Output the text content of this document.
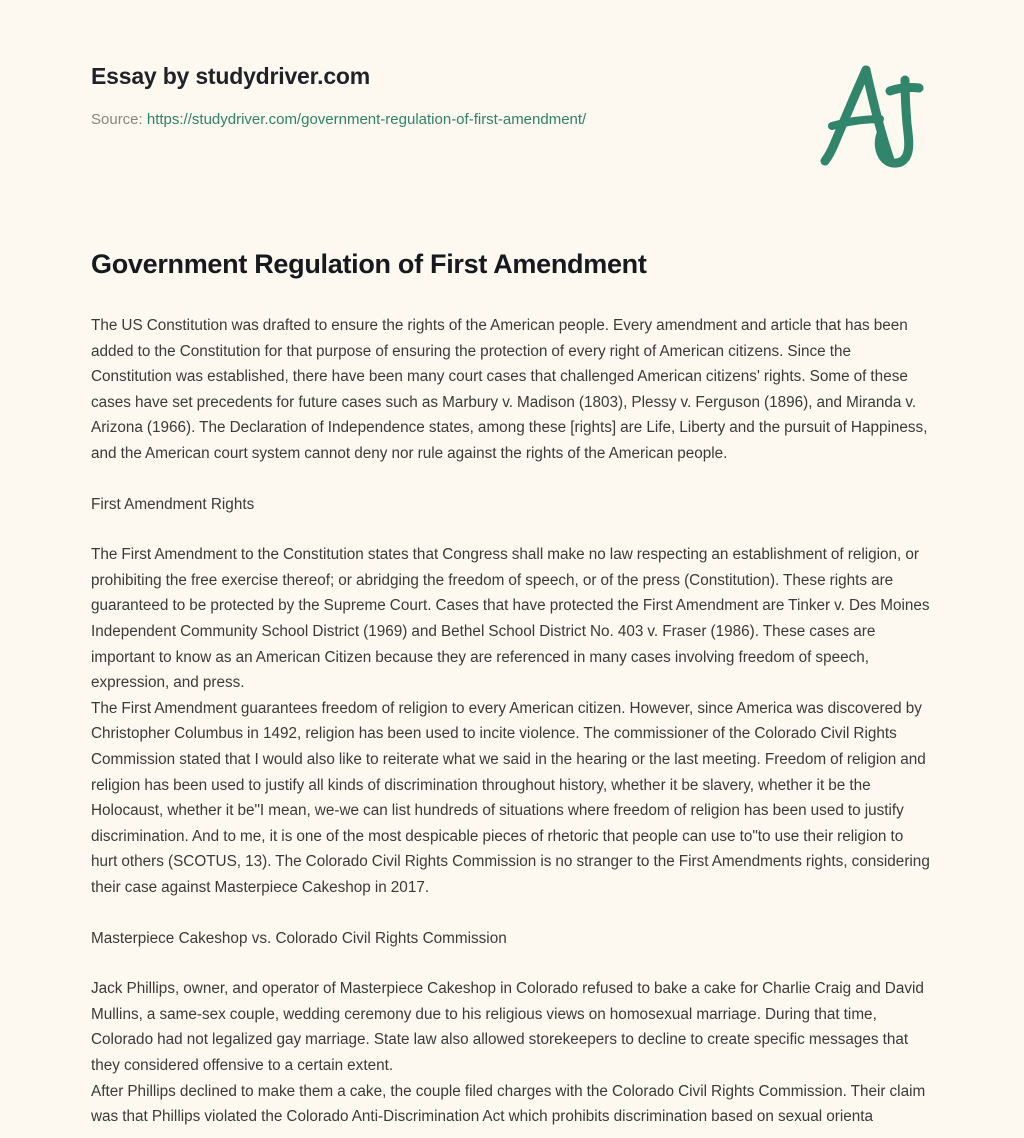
Essay by studydriver.com
Source: https://studydriver.com/government-regulation-of-first-amendment/
Government Regulation of First Amendment
The US Constitution was drafted to ensure the rights of the American people. Every amendment and article that has been added to the Constitution for that purpose of ensuring the protection of every right of American citizens. Since the Constitution was established, there have been many court cases that challenged American citizens' rights. Some of these cases have set precedents for future cases such as Marbury v. Madison (1803), Plessy v. Ferguson (1896), and Miranda v. Arizona (1966). The Declaration of Independence states, among these [rights] are Life, Liberty and the pursuit of Happiness, and the American court system cannot deny nor rule against the rights of the American people.
First Amendment Rights
The First Amendment to the Constitution states that Congress shall make no law respecting an establishment of religion, or prohibiting the free exercise thereof; or abridging the freedom of speech, or of the press (Constitution). These rights are guaranteed to be protected by the Supreme Court. Cases that have protected the First Amendment are Tinker v. Des Moines Independent Community School District (1969) and Bethel School District No. 403 v. Fraser (1986). These cases are important to know as an American Citizen because they are referenced in many cases involving freedom of speech, expression, and press.
The First Amendment guarantees freedom of religion to every American citizen. However, since America was discovered by Christopher Columbus in 1492, religion has been used to incite violence. The commissioner of the Colorado Civil Rights Commission stated that I would also like to reiterate what we said in the hearing or the last meeting. Freedom of religion and religion has been used to justify all kinds of discrimination throughout history, whether it be slavery, whether it be the Holocaust, whether it be"I mean, we-we can list hundreds of situations where freedom of religion has been used to justify discrimination. And to me, it is one of the most despicable pieces of rhetoric that people can use to"to use their religion to hurt others (SCOTUS, 13). The Colorado Civil Rights Commission is no stranger to the First Amendments rights, considering their case against Masterpiece Cakeshop in 2017.
Masterpiece Cakeshop vs. Colorado Civil Rights Commission
Jack Phillips, owner, and operator of Masterpiece Cakeshop in Colorado refused to bake a cake for Charlie Craig and David Mullins, a same-sex couple, wedding ceremony due to his religious views on homosexual marriage. During that time, Colorado had not legalized gay marriage. State law also allowed storekeepers to decline to create specific messages that they considered offensive to a certain extent.
After Phillips declined to make them a cake, the couple filed charges with the Colorado Civil Rights Commission. Their claim was that Phillips violated the Colorado Anti-Discrimination Act which prohibits discrimination based on sexual orienta
